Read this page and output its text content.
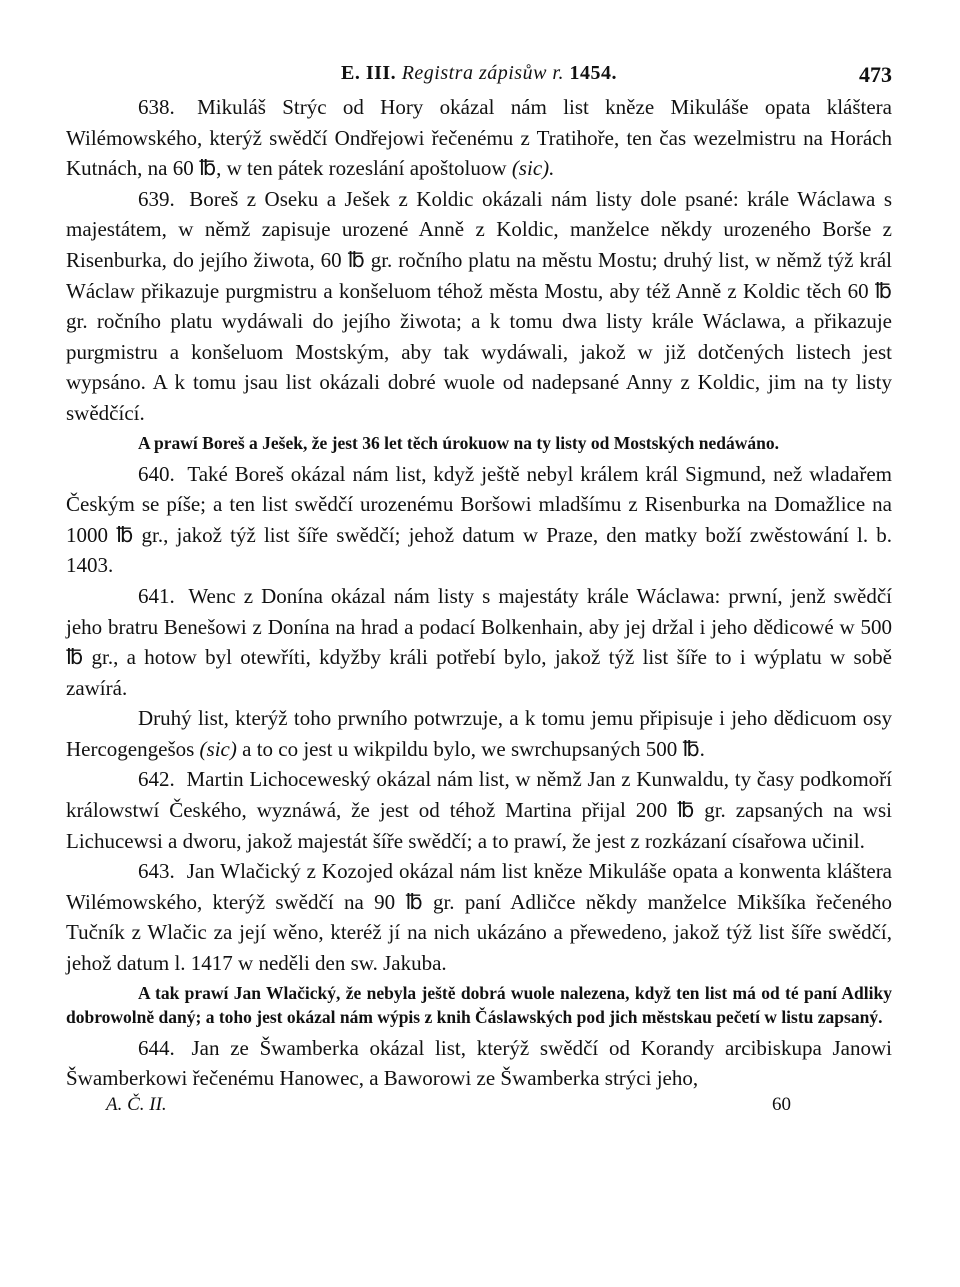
E. III. Registra zápisůw r. 1454.	473

638. Mikuláš Strýc od Hory okázal nám list kněze Mikuláše opata kláštera Wilémowského, kterýž swědčí Ondřejowi řečenému z Tratihoře, ten čas wezelmistru na Horách Kutnách, na 60 ℔, w ten pátek rozeslání apoštoluow (sic).

639. Boreš z Oseku a Ješek z Koldic okázali nám listy dole psané: krále Wáclawa s majestátem, w němž zapisuje urozené Anně z Koldic, manželce někdy urozeného Borše z Risenburka, do jejího žiwota, 60 ℔ gr. ročního platu na městu Mostu; druhý list, w němž týž král Wáclaw přikazuje purgmistru a konšeluom téhož města Mostu, aby též Anně z Koldic těch 60 ℔ gr. ročního platu wydáwali do jejího žiwota; a k tomu dwa listy krále Wáclawa, a přikazuje purgmistru a konšeluom Mostským, aby tak wydáwali, jakož w již dotčených listech jest wypsáno. A k tomu jsau list okázali dobré wuole od nadepsané Anny z Koldic, jim na ty listy swědčící.

A prawí Boreš a Ješek, že jest 36 let těch úrokuow na ty listy od Mostských nedáwáno.

640. Také Boreš okázal nám list, když ještě nebyl králem král Sigmund, než wladařem Českým se píše; a ten list swědčí urozenému Boršowi mladšímu z Risenburka na Domažlice na 1000 ℔ gr., jakož týž list šíře swědčí; jehož datum w Praze, den matky boží zwěstowání l. b. 1403.

641. Wenc z Donína okázal nám listy s majestáty krále Wáclawa: prwní, jenž swědčí jeho bratru Benešowi z Donína na hrad a podací Bolkenhain, aby jej držal i jeho dědicowé w 500 ℔ gr., a hotow byl otewříti, kdyžby králi potřebí bylo, jakož týž list šíře to i wýplatu w sobě zawírá.

Druhý list, kterýž toho prwního potwrzuje, a k tomu jemu připisuje i jeho dědicuom osy Hercogengešos (sic) a to co jest u wikpildu bylo, we swrchupsaných 500 ℔.

642. Martin Lichoceweský okázal nám list, w němž Jan z Kunwaldu, ty časy podkomoří králowstwí Českého, wyznáwá, že jest od téhož Martina přijal 200 ℔ gr. zapsaných na wsi Lichucewsi a dworu, jakož majestát šíře swědčí; a to prawí, že jest z rozkázaní císařowa učinil.

643. Jan Wlačický z Kozojed okázal nám list kněze Mikuláše opata a konwenta kláštera Wilémowského, kterýž swědčí na 90 ℔ gr. paní Adličce někdy manželce Mikšíka řečeného Tučník z Wlačic za její wěno, kteréž jí na nich ukázáno a přewedeno, jakož týž list šíře swědčí, jehož datum l. 1417 w neděli den sw. Jakuba.

A tak prawí Jan Wlačický, že nebyla ještě dobrá wuole nalezena, když ten list má od té paní Adliky dobrowolně daný; a toho jest okázal nám wýpis z knih Čáslawských pod jich městskau pečetí w listu zapsaný.

644. Jan ze Šwamberka okázal list, kterýž swědčí od Korandy arcibiskupa Janowi Šwamberkowi řečenému Hanowec, a Baworowi ze Šwamberka strýci jeho,

A. Č. II.	60
